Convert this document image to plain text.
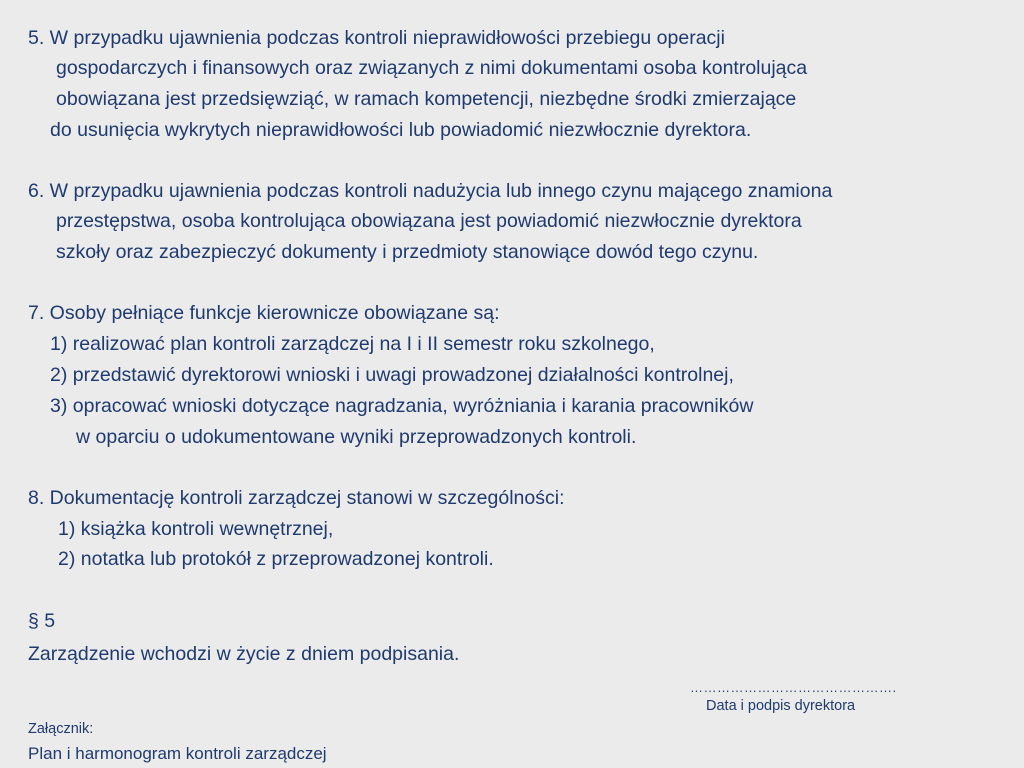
5. W przypadku ujawnienia podczas kontroli nieprawidłowości przebiegu operacji
gospodarczych i finansowych oraz związanych z nimi dokumentami osoba kontrolująca
obowiązana jest przedsięwziąć, w ramach kompetencji, niezbędne środki zmierzające
do usunięcia wykrytych nieprawidłowości lub powiadomić niezwłocznie dyrektora.
6. W przypadku ujawnienia podczas kontroli nadużycia lub innego czynu mającego znamiona
przestępstwa, osoba kontrolująca obowiązana jest powiadomić niezwłocznie dyrektora
szkoły oraz zabezpieczyć dokumenty i przedmioty stanowiące dowód tego czynu.
7. Osoby pełniące funkcje kierownicze obowiązane są:
1) realizować plan kontroli zarządczej na I i II semestr roku szkolnego,
2) przedstawić dyrektorowi wnioski i uwagi prowadzonej działalności kontrolnej,
3) opracować wnioski dotyczące nagradzania, wyróżniania i karania pracowników
w oparciu o udokumentowane wyniki przeprowadzonych kontroli.
8. Dokumentację kontroli zarządczej stanowi w szczególności:
1) książka kontroli wewnętrznej,
2) notatka lub protokół z przeprowadzonej kontroli.
§ 5
Zarządzenie wchodzi w życie z dniem podpisania.
……………………………………….
Data i podpis dyrektora
Załącznik:
Plan i harmonogram kontroli zarządczej
